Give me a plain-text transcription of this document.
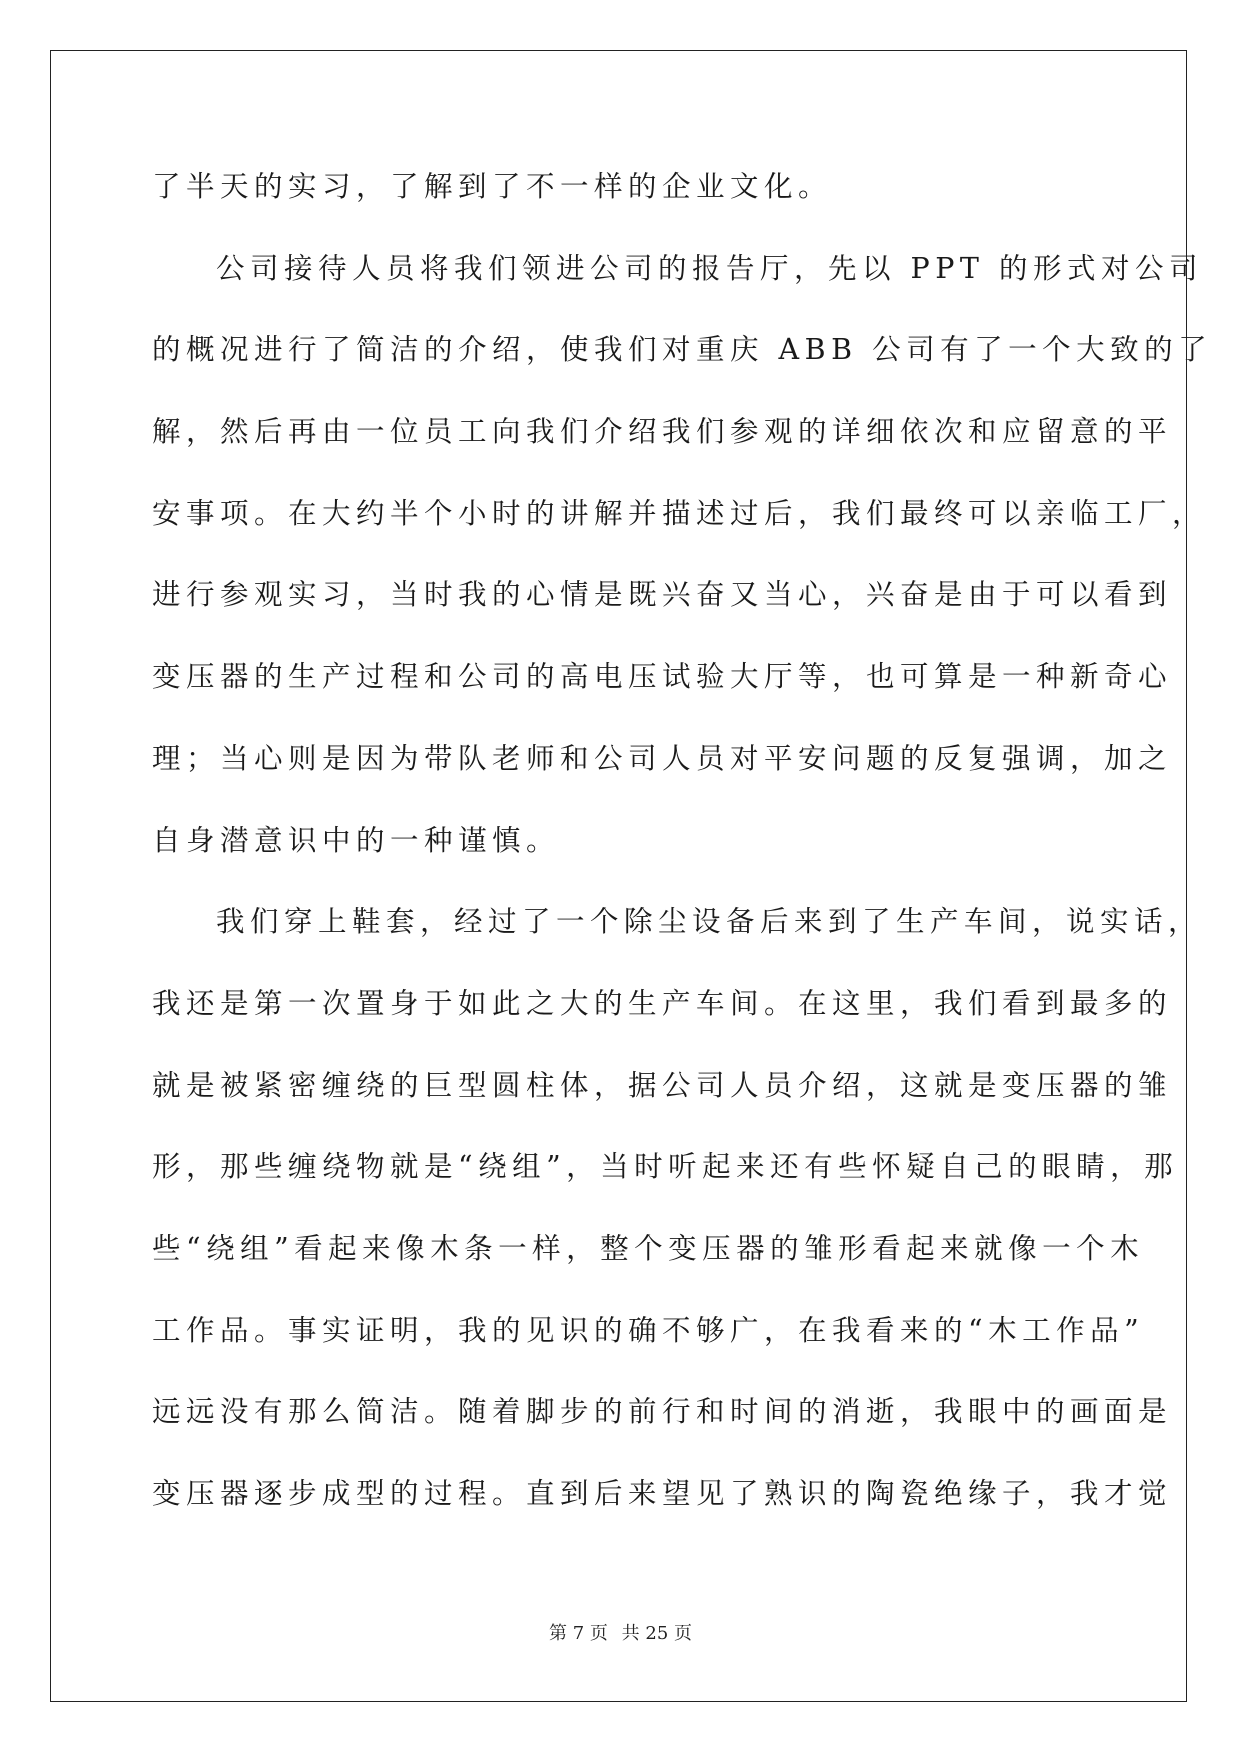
了半天的实习，了解到了不一样的企业文化。
公司接待人员将我们领进公司的报告厅，先以 PPT 的形式对公司
的概况进行了简洁的介绍，使我们对重庆 ABB 公司有了一个大致的了
解，然后再由一位员工向我们介绍我们参观的详细依次和应留意的平
安事项。在大约半个小时的讲解并描述过后，我们最终可以亲临工厂，
进行参观实习，当时我的心情是既兴奋又当心，兴奋是由于可以看到
变压器的生产过程和公司的高电压试验大厅等，也可算是一种新奇心
理；当心则是因为带队老师和公司人员对平安问题的反复强调，加之
自身潜意识中的一种谨慎。
我们穿上鞋套，经过了一个除尘设备后来到了生产车间，说实话，
我还是第一次置身于如此之大的生产车间。在这里，我们看到最多的
就是被紧密缠绕的巨型圆柱体，据公司人员介绍，这就是变压器的雏
形，那些缠绕物就是“绕组”，当时听起来还有些怀疑自己的眼睛，那
些“绕组”看起来像木条一样，整个变压器的雏形看起来就像一个木
工作品。事实证明，我的见识的确不够广，在我看来的“木工作品”
远远没有那么简洁。随着脚步的前行和时间的消逝，我眼中的画面是
变压器逐步成型的过程。直到后来望见了熟识的陶瓷绝缘子，我才觉
第 7 页 共 25 页
